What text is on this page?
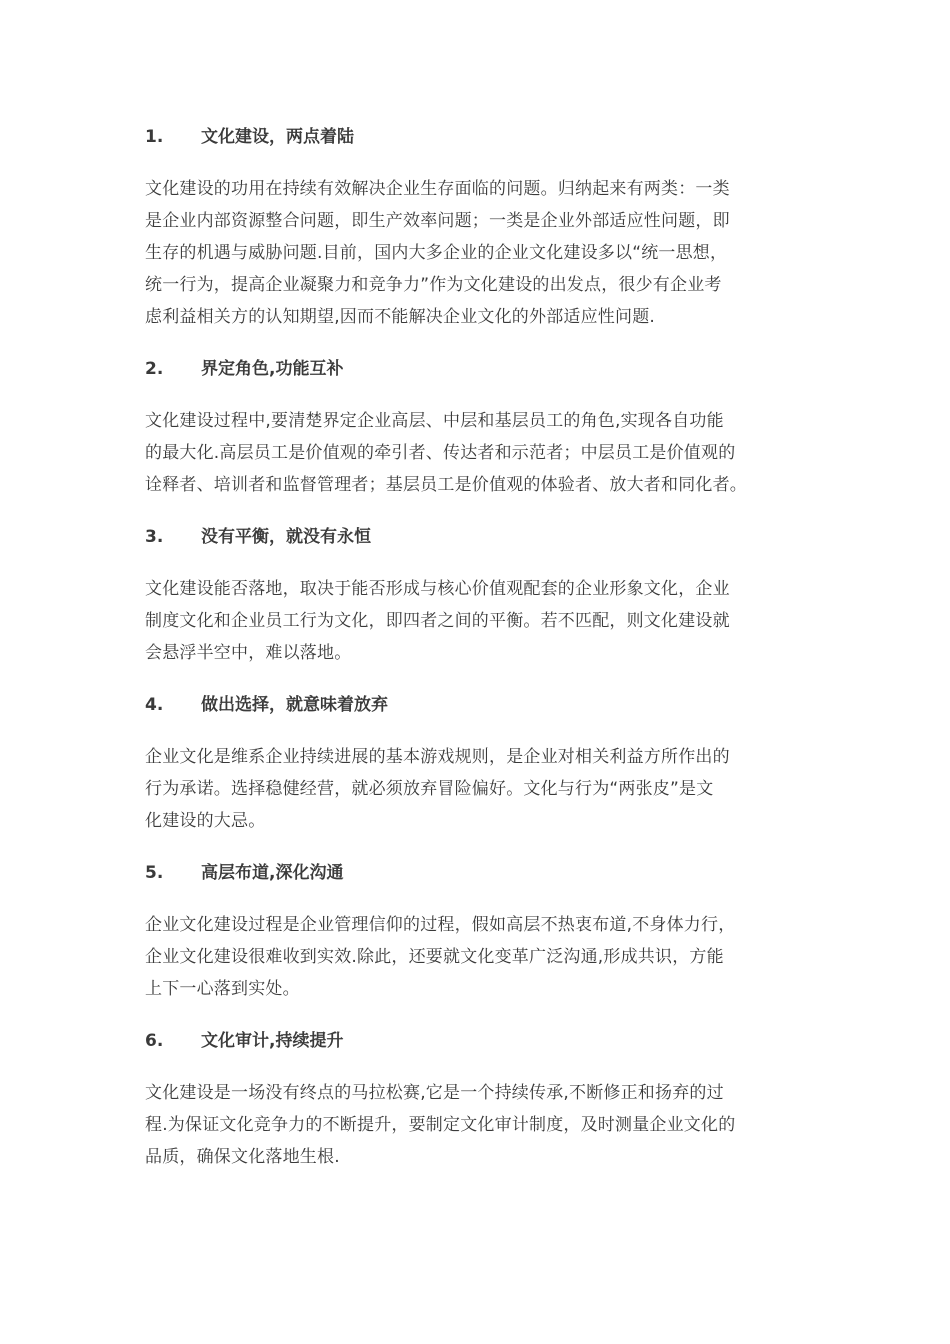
1.	文化建设，两点着陆

文化建设的功用在持续有效解决企业生存面临的问题。归纳起来有两类：一类
是企业内部资源整合问题，即生产效率问题；一类是企业外部适应性问题，即
生存的机遇与威胁问题.目前，国内大多企业的企业文化建设多以“统一思想，
统一行为，提高企业凝聚力和竞争力”作为文化建设的出发点，很少有企业考
虑利益相关方的认知期望,因而不能解决企业文化的外部适应性问题.

2.	界定角色,功能互补

文化建设过程中,要清楚界定企业高层、中层和基层员工的角色,实现各自功能
的最大化.高层员工是价值观的牵引者、传达者和示范者；中层员工是价值观的
诠释者、培训者和监督管理者；基层员工是价值观的体验者、放大者和同化者。

3.	没有平衡，就没有永恒

文化建设能否落地，取决于能否形成与核心价值观配套的企业形象文化，企业
制度文化和企业员工行为文化，即四者之间的平衡。若不匹配，则文化建设就
会悬浮半空中，难以落地。

4.	做出选择，就意味着放弃

企业文化是维系企业持续进展的基本游戏规则，是企业对相关利益方所作出的
行为承诺。选择稳健经营，就必须放弃冒险偏好。文化与行为“两张皮”是文
化建设的大忌。

5.	高层布道,深化沟通

企业文化建设过程是企业管理信仰的过程，假如高层不热衷布道,不身体力行，
企业文化建设很难收到实效.除此，还要就文化变革广泛沟通,形成共识，方能
上下一心落到实处。

6.	文化审计,持续提升

文化建设是一场没有终点的马拉松赛,它是一个持续传承,不断修正和扬弃的过
程.为保证文化竞争力的不断提升，要制定文化审计制度，及时测量企业文化的
品质，确保文化落地生根.
